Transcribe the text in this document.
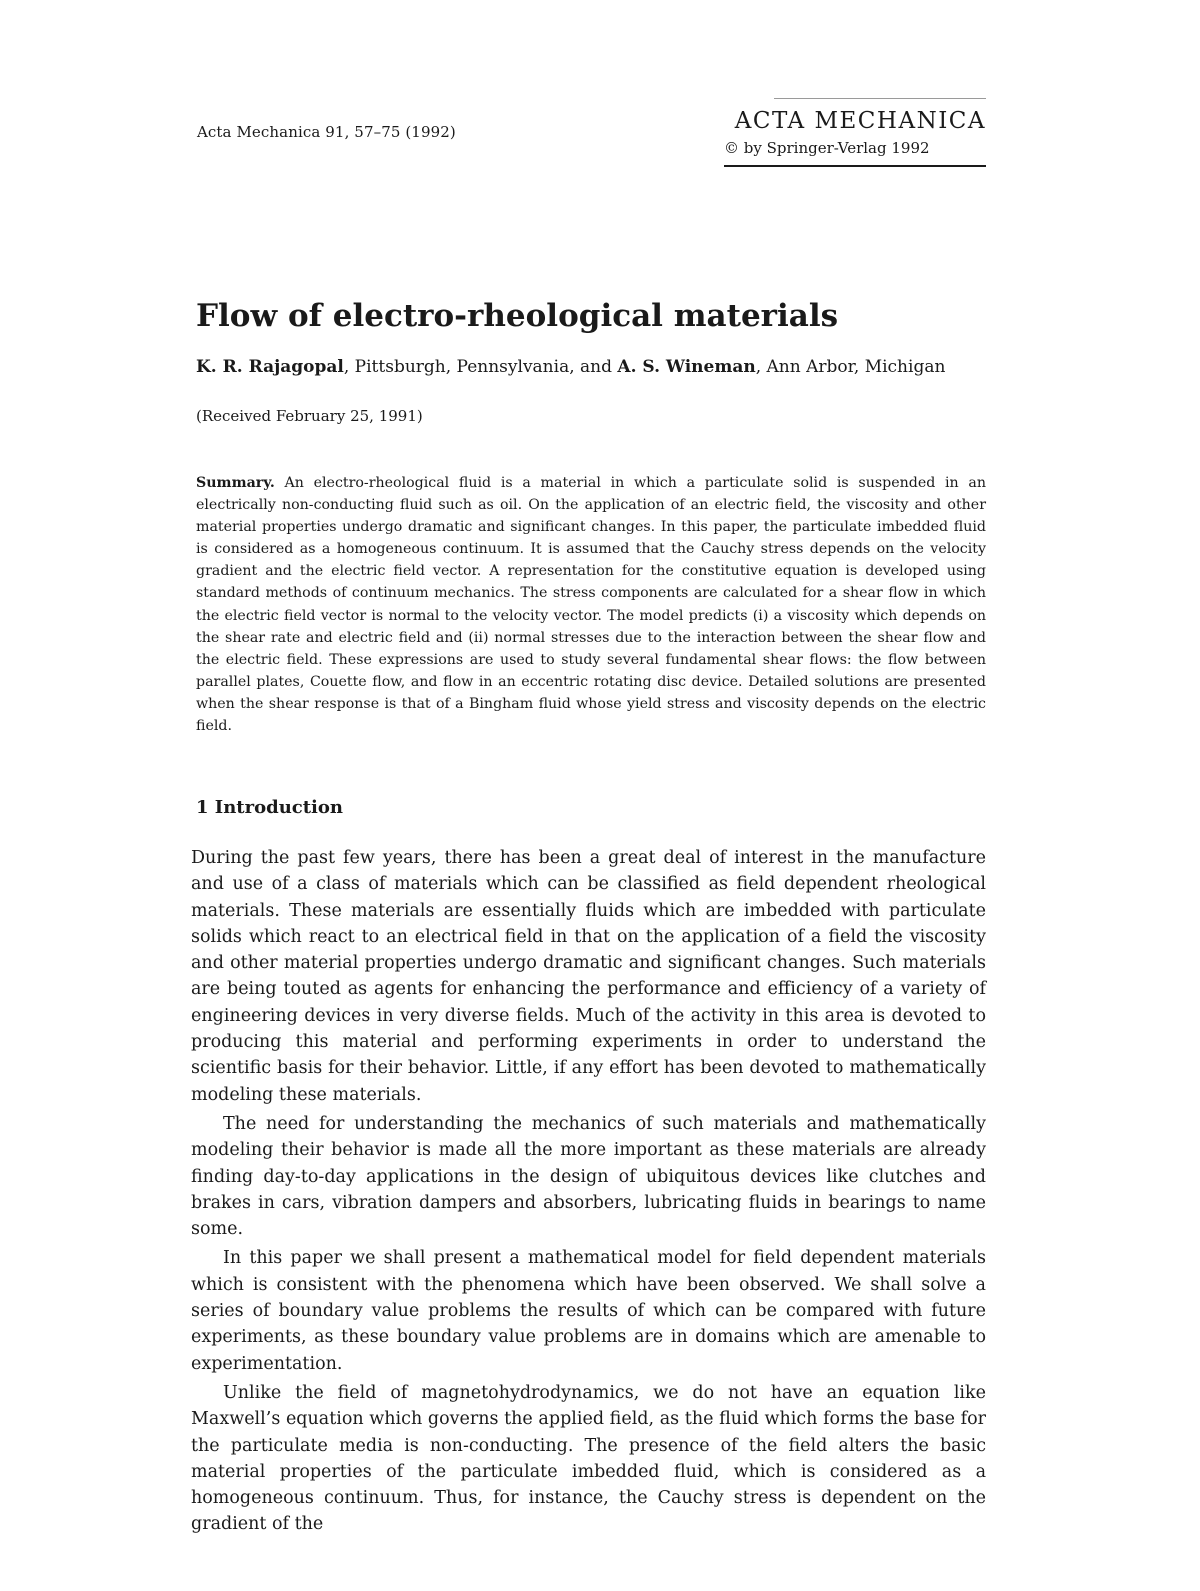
Acta Mechanica 91, 57–75 (1992)	ACTA MECHANICA
© by Springer-Verlag 1992
Flow of electro-rheological materials
K. R. Rajagopal, Pittsburgh, Pennsylvania, and A. S. Wineman, Ann Arbor, Michigan
(Received February 25, 1991)
Summary. An electro-rheological fluid is a material in which a particulate solid is suspended in an electrically non-conducting fluid such as oil. On the application of an electric field, the viscosity and other material properties undergo dramatic and significant changes. In this paper, the particulate imbedded fluid is considered as a homogeneous continuum. It is assumed that the Cauchy stress depends on the velocity gradient and the electric field vector. A representation for the constitutive equation is developed using standard methods of continuum mechanics. The stress components are calculated for a shear flow in which the electric field vector is normal to the velocity vector. The model predicts (i) a viscosity which depends on the shear rate and electric field and (ii) normal stresses due to the interaction between the shear flow and the electric field. These expressions are used to study several fundamental shear flows: the flow between parallel plates, Couette flow, and flow in an eccentric rotating disc device. Detailed solutions are presented when the shear response is that of a Bingham fluid whose yield stress and viscosity depends on the electric field.
1 Introduction

During the past few years, there has been a great deal of interest in the manufacture and use of a class of materials which can be classified as field dependent rheological materials. These materials are essentially fluids which are imbedded with particulate solids which react to an electrical field in that on the application of a field the viscosity and other material properties undergo dramatic and significant changes. Such materials are being touted as agents for enhancing the performance and efficiency of a variety of engineering devices in very diverse fields. Much of the activity in this area is devoted to producing this material and performing experiments in order to understand the scientific basis for their behavior. Little, if any effort has been devoted to mathematically modeling these materials.

The need for understanding the mechanics of such materials and mathematically modeling their behavior is made all the more important as these materials are already finding day-to-day applications in the design of ubiquitous devices like clutches and brakes in cars, vibration dampers and absorbers, lubricating fluids in bearings to name some.

In this paper we shall present a mathematical model for field dependent materials which is consistent with the phenomena which have been observed. We shall solve a series of boundary value problems the results of which can be compared with future experiments, as these boundary value problems are in domains which are amenable to experimentation.

Unlike the field of magnetohydrodynamics, we do not have an equation like Maxwell’s equation which governs the applied field, as the fluid which forms the base for the particulate media is non-conducting. The presence of the field alters the basic material properties of the particulate imbedded fluid, which is considered as a homogeneous continuum. Thus, for instance, the Cauchy stress is dependent on the gradient of the
